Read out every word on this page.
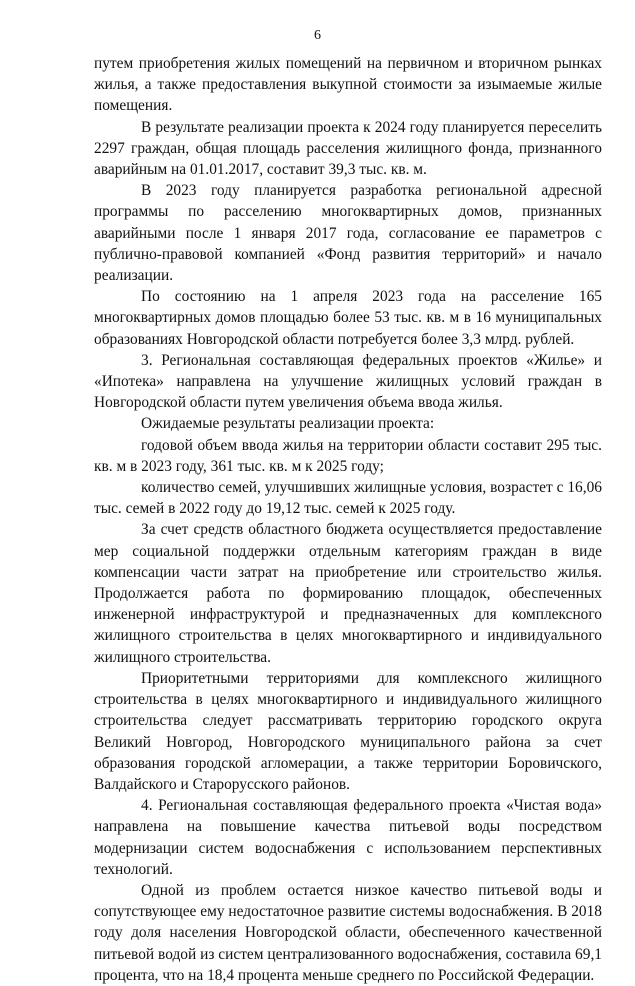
6

путем приобретения жилых помещений на первичном и вторичном рынках жилья, а также предоставления выкупной стоимости за изымаемые жилые помещения.

В результате реализации проекта к 2024 году планируется переселить 2297 граждан, общая площадь расселения жилищного фонда, признанного аварийным на 01.01.2017, составит 39,3 тыс. кв. м.

В 2023 году планируется разработка региональной адресной программы по расселению многоквартирных домов, признанных аварийными после 1 января 2017 года, согласование ее параметров с публично-правовой компанией «Фонд развития территорий» и начало реализации.

По состоянию на 1 апреля 2023 года на расселение 165 многоквартирных домов площадью более 53 тыс. кв. м в 16 муниципальных образованиях Новгородской области потребуется более 3,3 млрд. рублей.

3. Региональная составляющая федеральных проектов «Жилье» и «Ипотека» направлена на улучшение жилищных условий граждан в Новгородской области путем увеличения объема ввода жилья.

Ожидаемые результаты реализации проекта:

годовой объем ввода жилья на территории области составит 295 тыс. кв. м в 2023 году, 361 тыс. кв. м к 2025 году;

количество семей, улучшивших жилищные условия, возрастет с 16,06 тыс. семей в 2022 году до 19,12 тыс. семей к 2025 году.

За счет средств областного бюджета осуществляется предоставление мер социальной поддержки отдельным категориям граждан в виде компенсации части затрат на приобретение или строительство жилья. Продолжается работа по формированию площадок, обеспеченных инженерной инфраструктурой и предназначенных для комплексного жилищного строительства в целях многоквартирного и индивидуального жилищного строительства.

Приоритетными территориями для комплексного жилищного строительства в целях многоквартирного и индивидуального жилищного строительства следует рассматривать территорию городского округа Великий Новгород, Новгородского муниципального района за счет образования городской агломерации, а также территории Боровичского, Валдайского и Старорусского районов.

4. Региональная составляющая федерального проекта «Чистая вода» направлена на повышение качества питьевой воды посредством модернизации систем водоснабжения с использованием перспективных технологий.

Одной из проблем остается низкое качество питьевой воды и сопутствующее ему недостаточное развитие системы водоснабжения. В 2018 году доля населения Новгородской области, обеспеченного качественной питьевой водой из систем централизованного водоснабжения, составила 69,1 процента, что на 18,4 процента меньше среднего по Российской Федерации.
